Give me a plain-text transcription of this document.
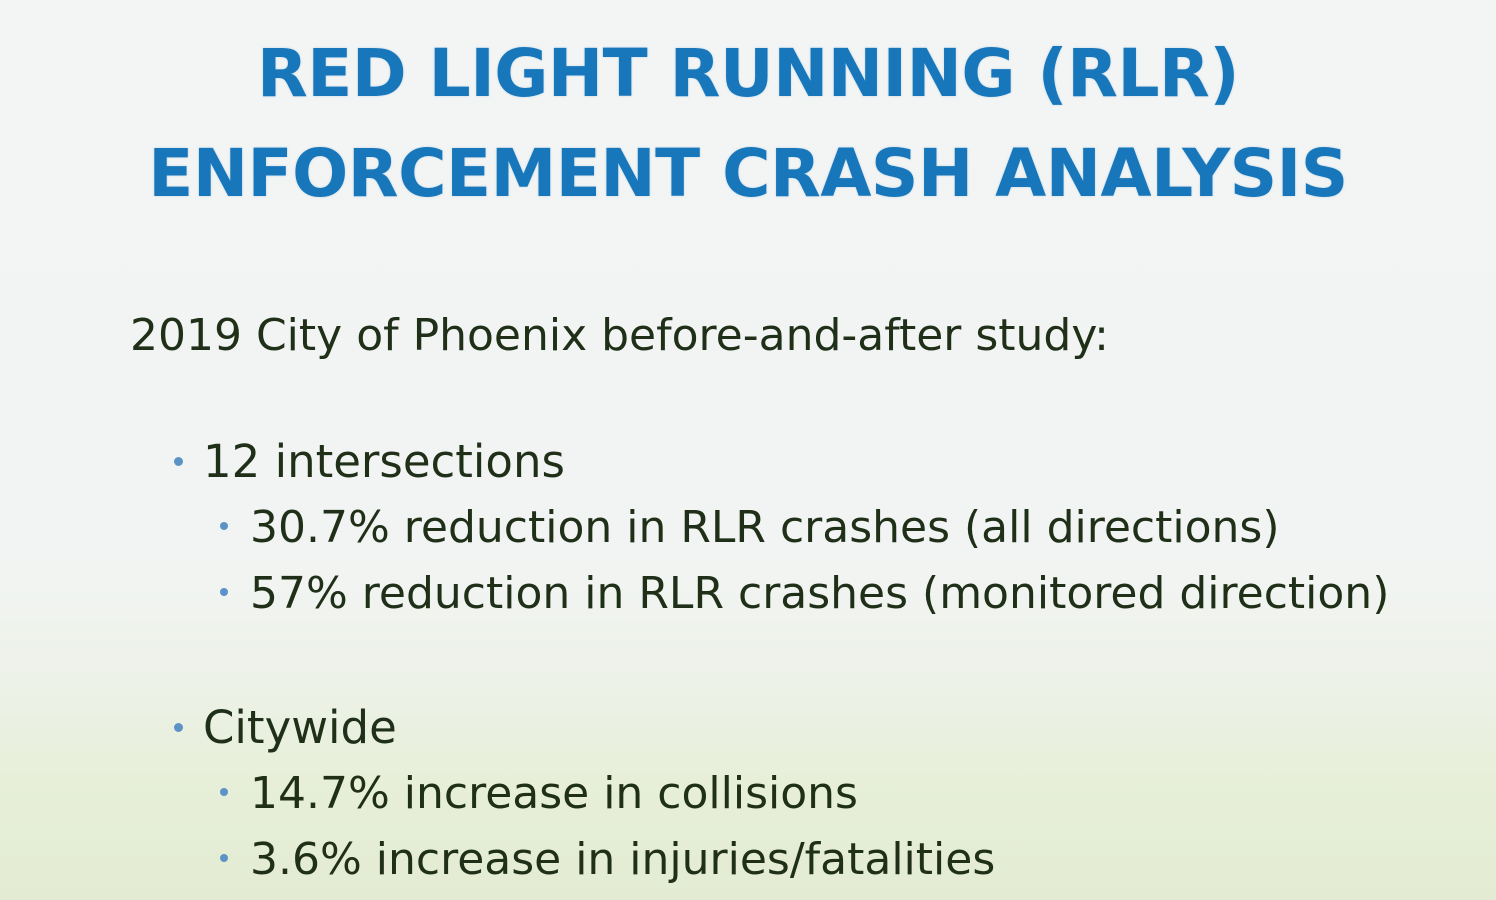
RED LIGHT RUNNING (RLR)
ENFORCEMENT CRASH ANALYSIS
2019 City of Phoenix before-and-after study:
12 intersections
30.7% reduction in RLR crashes (all directions)
57% reduction in RLR crashes (monitored direction)
Citywide
14.7% increase in collisions
3.6% increase in injuries/fatalities
